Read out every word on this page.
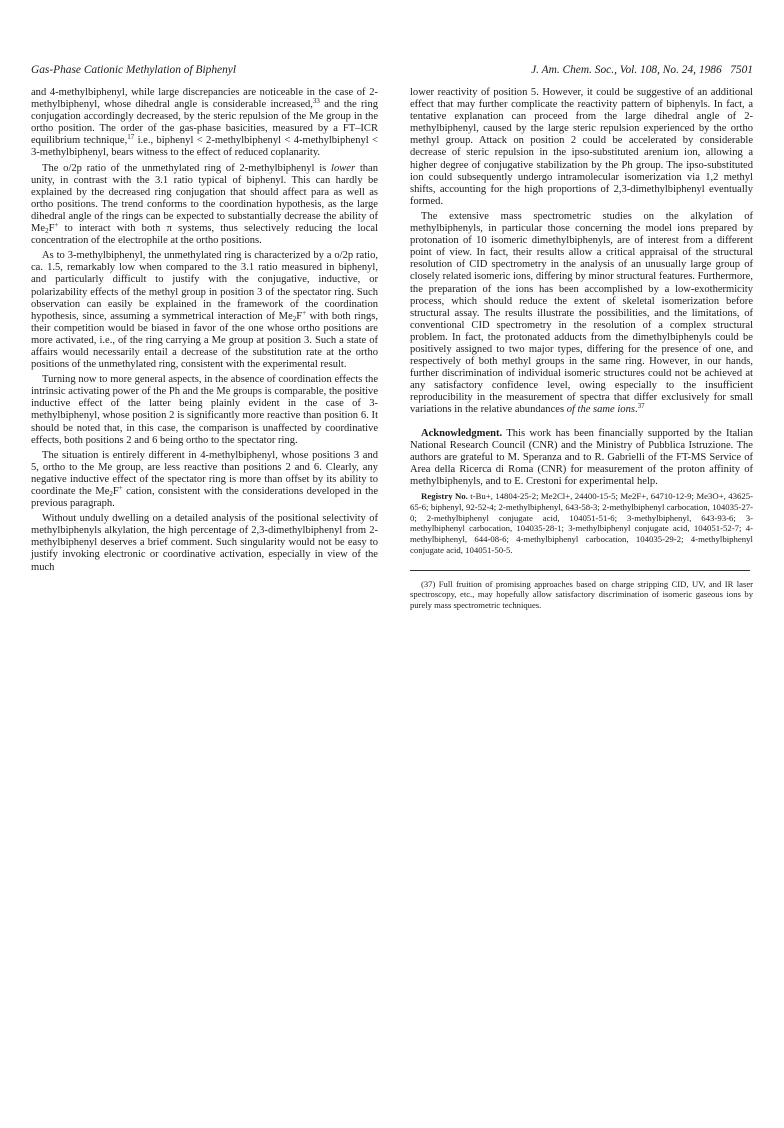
Gas-Phase Cationic Methylation of Biphenyl	J. Am. Chem. Soc., Vol. 108, No. 24, 1986 7501

and 4-methylbiphenyl, while large discrepancies are noticeable in the case of 2-methylbiphenyl, whose dihedral angle is considerable increased,$^{33}$ and the ring conjugation accordingly decreased, by the steric repulsion of the Me group in the ortho position. The order of the gas-phase basicities, measured by a FT–ICR equilibrium technique,$^{17}$ i.e., biphenyl < 2-methylbiphenyl < 4-methylbiphenyl < 3-methylbiphenyl, bears witness to the effect of reduced coplanarity.

The o/2p ratio of the unmethylated ring of 2-methylbiphenyl is lower than unity, in contrast with the 3.1 ratio typical of biphenyl. This can hardly be explained by the decreased ring conjugation that should affect para as well as ortho positions. The trend conforms to the coordination hypothesis, as the large dihedral angle of the rings can be expected to substantially decrease the ability of $Me_2F^+$ to interact with both π systems, thus selectively reducing the local concentration of the electrophile at the ortho positions.

As to 3-methylbiphenyl, the unmethylated ring is characterized by a o/2p ratio, ca. 1.5, remarkably low when compared to the 3.1 ratio measured in biphenyl, and particularly difficult to justify with the conjugative, inductive, or polarizability effects of the methyl group in position 3 of the spectator ring. Such observation can easily be explained in the framework of the coordination hypothesis, since, assuming a symmetrical interaction of $Me_2F^+$ with both rings, their competition would be biased in favor of the one whose ortho positions are more activated, i.e., of the ring carrying a Me group at position 3. Such a state of affairs would necessarily entail a decrease of the substitution rate at the ortho positions of the unmethylated ring, consistent with the experimental result.

Turning now to more general aspects, in the absence of coordination effects the intrinsic activating power of the Ph and the Me groups is comparable, the positive inductive effect of the latter being plainly evident in the case of 3-methylbiphenyl, whose position 2 is significantly more reactive than position 6. It should be noted that, in this case, the comparison is unaffected by coordinative effects, both positions 2 and 6 being ortho to the spectator ring.

The situation is entirely different in 4-methylbiphenyl, whose positions 3 and 5, ortho to the Me group, are less reactive than positions 2 and 6. Clearly, any negative inductive effect of the spectator ring is more than offset by its ability to coordinate the $Me_2F^+$ cation, consistent with the considerations developed in the previous paragraph.

Without unduly dwelling on a detailed analysis of the positional selectivity of methylbiphenyls alkylation, the high percentage of 2,3-dimethylbiphenyl from 2-methylbiphenyl deserves a brief comment. Such singularity would not be easy to justify invoking electronic or coordinative activation, especially in view of the much

lower reactivity of position 5. However, it could be suggestive of an additional effect that may further complicate the reactivity pattern of biphenyls. In fact, a tentative explanation can proceed from the large dihedral angle of 2-methylbiphenyl, caused by the large steric repulsion experienced by the ortho methyl group. Attack on position 2 could be accelerated by considerable decrease of steric repulsion in the ipso-substituted arenium ion, allowing a higher degree of conjugative stabilization by the Ph group. The ipso-substituted ion could subsequently undergo intramolecular isomerization via 1,2 methyl shifts, accounting for the high proportions of 2,3-dimethylbiphenyl eventually formed.

The extensive mass spectrometric studies on the alkylation of methylbiphenyls, in particular those concerning the model ions prepared by protonation of 10 isomeric dimethylbiphenyls, are of interest from a different point of view. In fact, their results allow a critical appraisal of the structural resolution of CID spectrometry in the analysis of an unusually large group of closely related isomeric ions, differing by minor structural features. Furthermore, the preparation of the ions has been accomplished by a low-exothermicity process, which should reduce the extent of skeletal isomerization before structural assay. The results illustrate the possibilities, and the limitations, of conventional CID spectrometry in the resolution of a complex structural problem. In fact, the protonated adducts from the dimethylbiphenyls could be positively assigned to two major types, differing for the presence of one, and respectively of both methyl groups in the same ring. However, in our hands, further discrimination of individual isomeric structures could not be achieved at any satisfactory confidence level, owing especially to the insufficient reproducibility in the measurement of spectra that differ exclusively for small variations in the relative abundances of the same ions.$^{37}$

Acknowledgment. This work has been financially supported by the Italian National Research Council (CNR) and the Ministry of Pubblica Istruzione. The authors are grateful to M. Speranza and to R. Gabrielli of the FT-MS Service of Area della Ricerca di Roma (CNR) for measurement of the proton affinity of methylbiphenyls, and to E. Crestoni for experimental help.

Registry No. t-Bu+, 14804-25-2; Me2Cl+, 24400-15-5; Me2F+, 64710-12-9; Me3O+, 43625-65-6; biphenyl, 92-52-4; 2-methylbiphenyl, 643-58-3; 2-methylbiphenyl carbocation, 104035-27-0; 2-methylbiphenyl conjugate acid, 104051-51-6; 3-methylbiphenyl, 643-93-6; 3-methylbiphenyl carbocation, 104035-28-1; 3-methylbiphenyl conjugate acid, 104051-52-7; 4-methylbiphenyl, 644-08-6; 4-methylbiphenyl carbocation, 104035-29-2; 4-methylbiphenyl conjugate acid, 104051-50-5.

(37) Full fruition of promising approaches based on charge stripping CID, UV, and IR laser spectroscopy, etc., may hopefully allow satisfactory discrimination of isomeric gaseous ions by purely mass spectrometric techniques.
